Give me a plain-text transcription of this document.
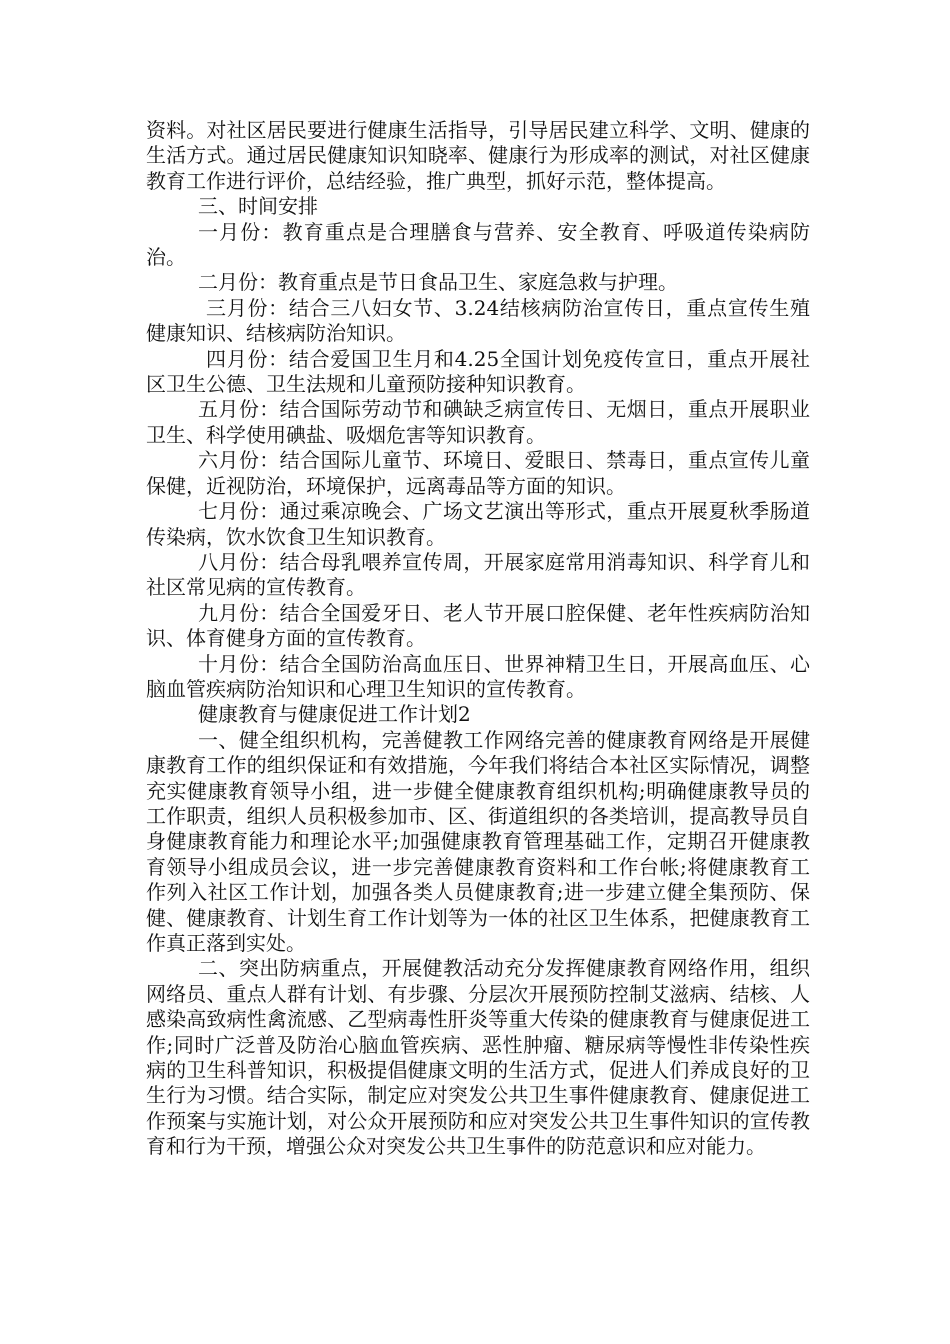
资料。对社区居民要进行健康生活指导，引导居民建立科学、文明、健康的生活方式。通过居民健康知识知晓率、健康行为形成率的测试，对社区健康教育工作进行评价，总结经验，推广典型，抓好示范，整体提高。

三、时间安排

一月份：教育重点是合理膳食与营养、安全教育、呼吸道传染病防治。

二月份：教育重点是节日食品卫生、家庭急救与护理。

三月份：结合三八妇女节、3.24结核病防治宣传日，重点宣传生殖健康知识、结核病防治知识。

四月份：结合爱国卫生月和4.25全国计划免疫传宣日，重点开展社区卫生公德、卫生法规和儿童预防接种知识教育。

五月份：结合国际劳动节和碘缺乏病宣传日、无烟日，重点开展职业卫生、科学使用碘盐、吸烟危害等知识教育。

六月份：结合国际儿童节、环境日、爱眼日、禁毒日，重点宣传儿童保健，近视防治，环境保护，远离毒品等方面的知识。

七月份：通过乘凉晚会、广场文艺演出等形式，重点开展夏秋季肠道传染病，饮水饮食卫生知识教育。

八月份：结合母乳喂养宣传周，开展家庭常用消毒知识、科学育儿和社区常见病的宣传教育。

九月份：结合全国爱牙日、老人节开展口腔保健、老年性疾病防治知识、体育健身方面的宣传教育。

十月份：结合全国防治高血压日、世界神精卫生日，开展高血压、心脑血管疾病防治知识和心理卫生知识的宣传教育。

健康教育与健康促进工作计划2

一、健全组织机构，完善健教工作网络完善的健康教育网络是开展健康教育工作的组织保证和有效措施，今年我们将结合本社区实际情况，调整充实健康教育领导小组，进一步健全健康教育组织机构;明确健康教导员的工作职责，组织人员积极参加市、区、街道组织的各类培训，提高教导员自身健康教育能力和理论水平;加强健康教育管理基础工作，定期召开健康教育领导小组成员会议，进一步完善健康教育资料和工作台帐;将健康教育工作列入社区工作计划，加强各类人员健康教育;进一步建立健全集预防、保健、健康教育、计划生育工作计划等为一体的社区卫生体系，把健康教育工作真正落到实处。

二、突出防病重点，开展健教活动充分发挥健康教育网络作用，组织网络员、重点人群有计划、有步骤、分层次开展预防控制艾滋病、结核、人感染高致病性禽流感、乙型病毒性肝炎等重大传染的健康教育与健康促进工作;同时广泛普及防治心脑血管疾病、恶性肿瘤、糖尿病等慢性非传染性疾病的卫生科普知识，积极提倡健康文明的生活方式，促进人们养成良好的卫生行为习惯。结合实际，制定应对突发公共卫生事件健康教育、健康促进工作预案与实施计划，对公众开展预防和应对突发公共卫生事件知识的宣传教育和行为干预，增强公众对突发公共卫生事件的防范意识和应对能力。
